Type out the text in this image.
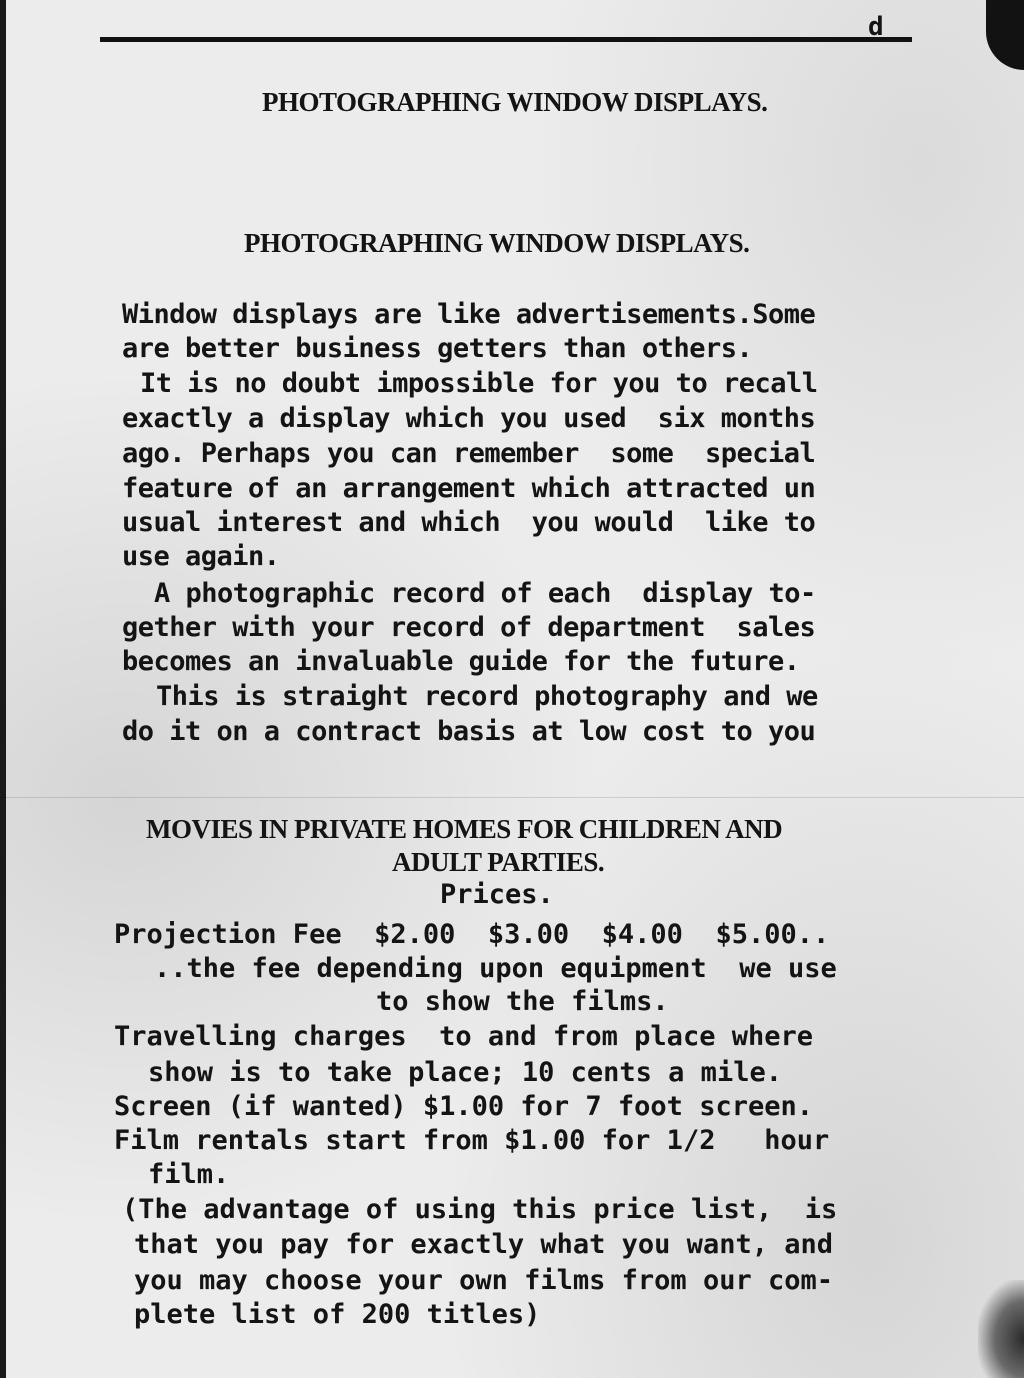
d
PHOTOGRAPHING WINDOW DISPLAYS.
PHOTOGRAPHING WINDOW DISPLAYS.
Window displays are like advertisements.Some
are better business getters than others.
It is no doubt impossible for you to recall
exactly a display which you used  six months
ago. Perhaps you can remember  some  special
feature of an arrangement which attracted un
usual interest and which  you would  like to
use again.
A photographic record of each  display to-
gether with your record of department  sales
becomes an invaluable guide for the future.
This is straight record photography and we
do it on a contract basis at low cost to you
MOVIES IN PRIVATE HOMES FOR CHILDREN AND
ADULT PARTIES.
Prices.
Projection Fee  $2.00  $3.00  $4.00  $5.00..
..the fee depending upon equipment  we use
to show the films.
Travelling charges  to and from place where
show is to take place; 10 cents a mile.
Screen (if wanted) $1.00 for 7 foot screen.
Film rentals start from $1.00 for 1/2   hour
film.
(The advantage of using this price list,  is
that you pay for exactly what you want, and
you may choose your own films from our com-
plete list of 200 titles)
